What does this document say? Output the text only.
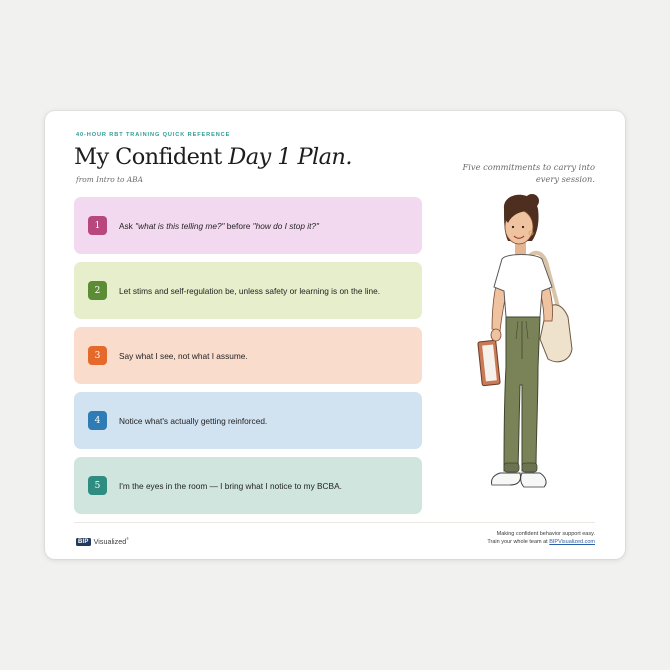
40-HOUR RBT TRAINING QUICK REFERENCE
My Confident Day 1 Plan.
from Intro to ABA
Five commitments to carry into every session.
1	Ask "what is this telling me?" before "how do I stop it?"
2	Let stims and self-regulation be, unless safety or learning is on the line.
3	Say what I see, not what I assume.
4	Notice what's actually getting reinforced.
5	I'm the eyes in the room — I bring what I notice to my BCBA.
BIP Visualized®
Making confident behavior support easy.
Train your whole team at BIPVisualized.com
